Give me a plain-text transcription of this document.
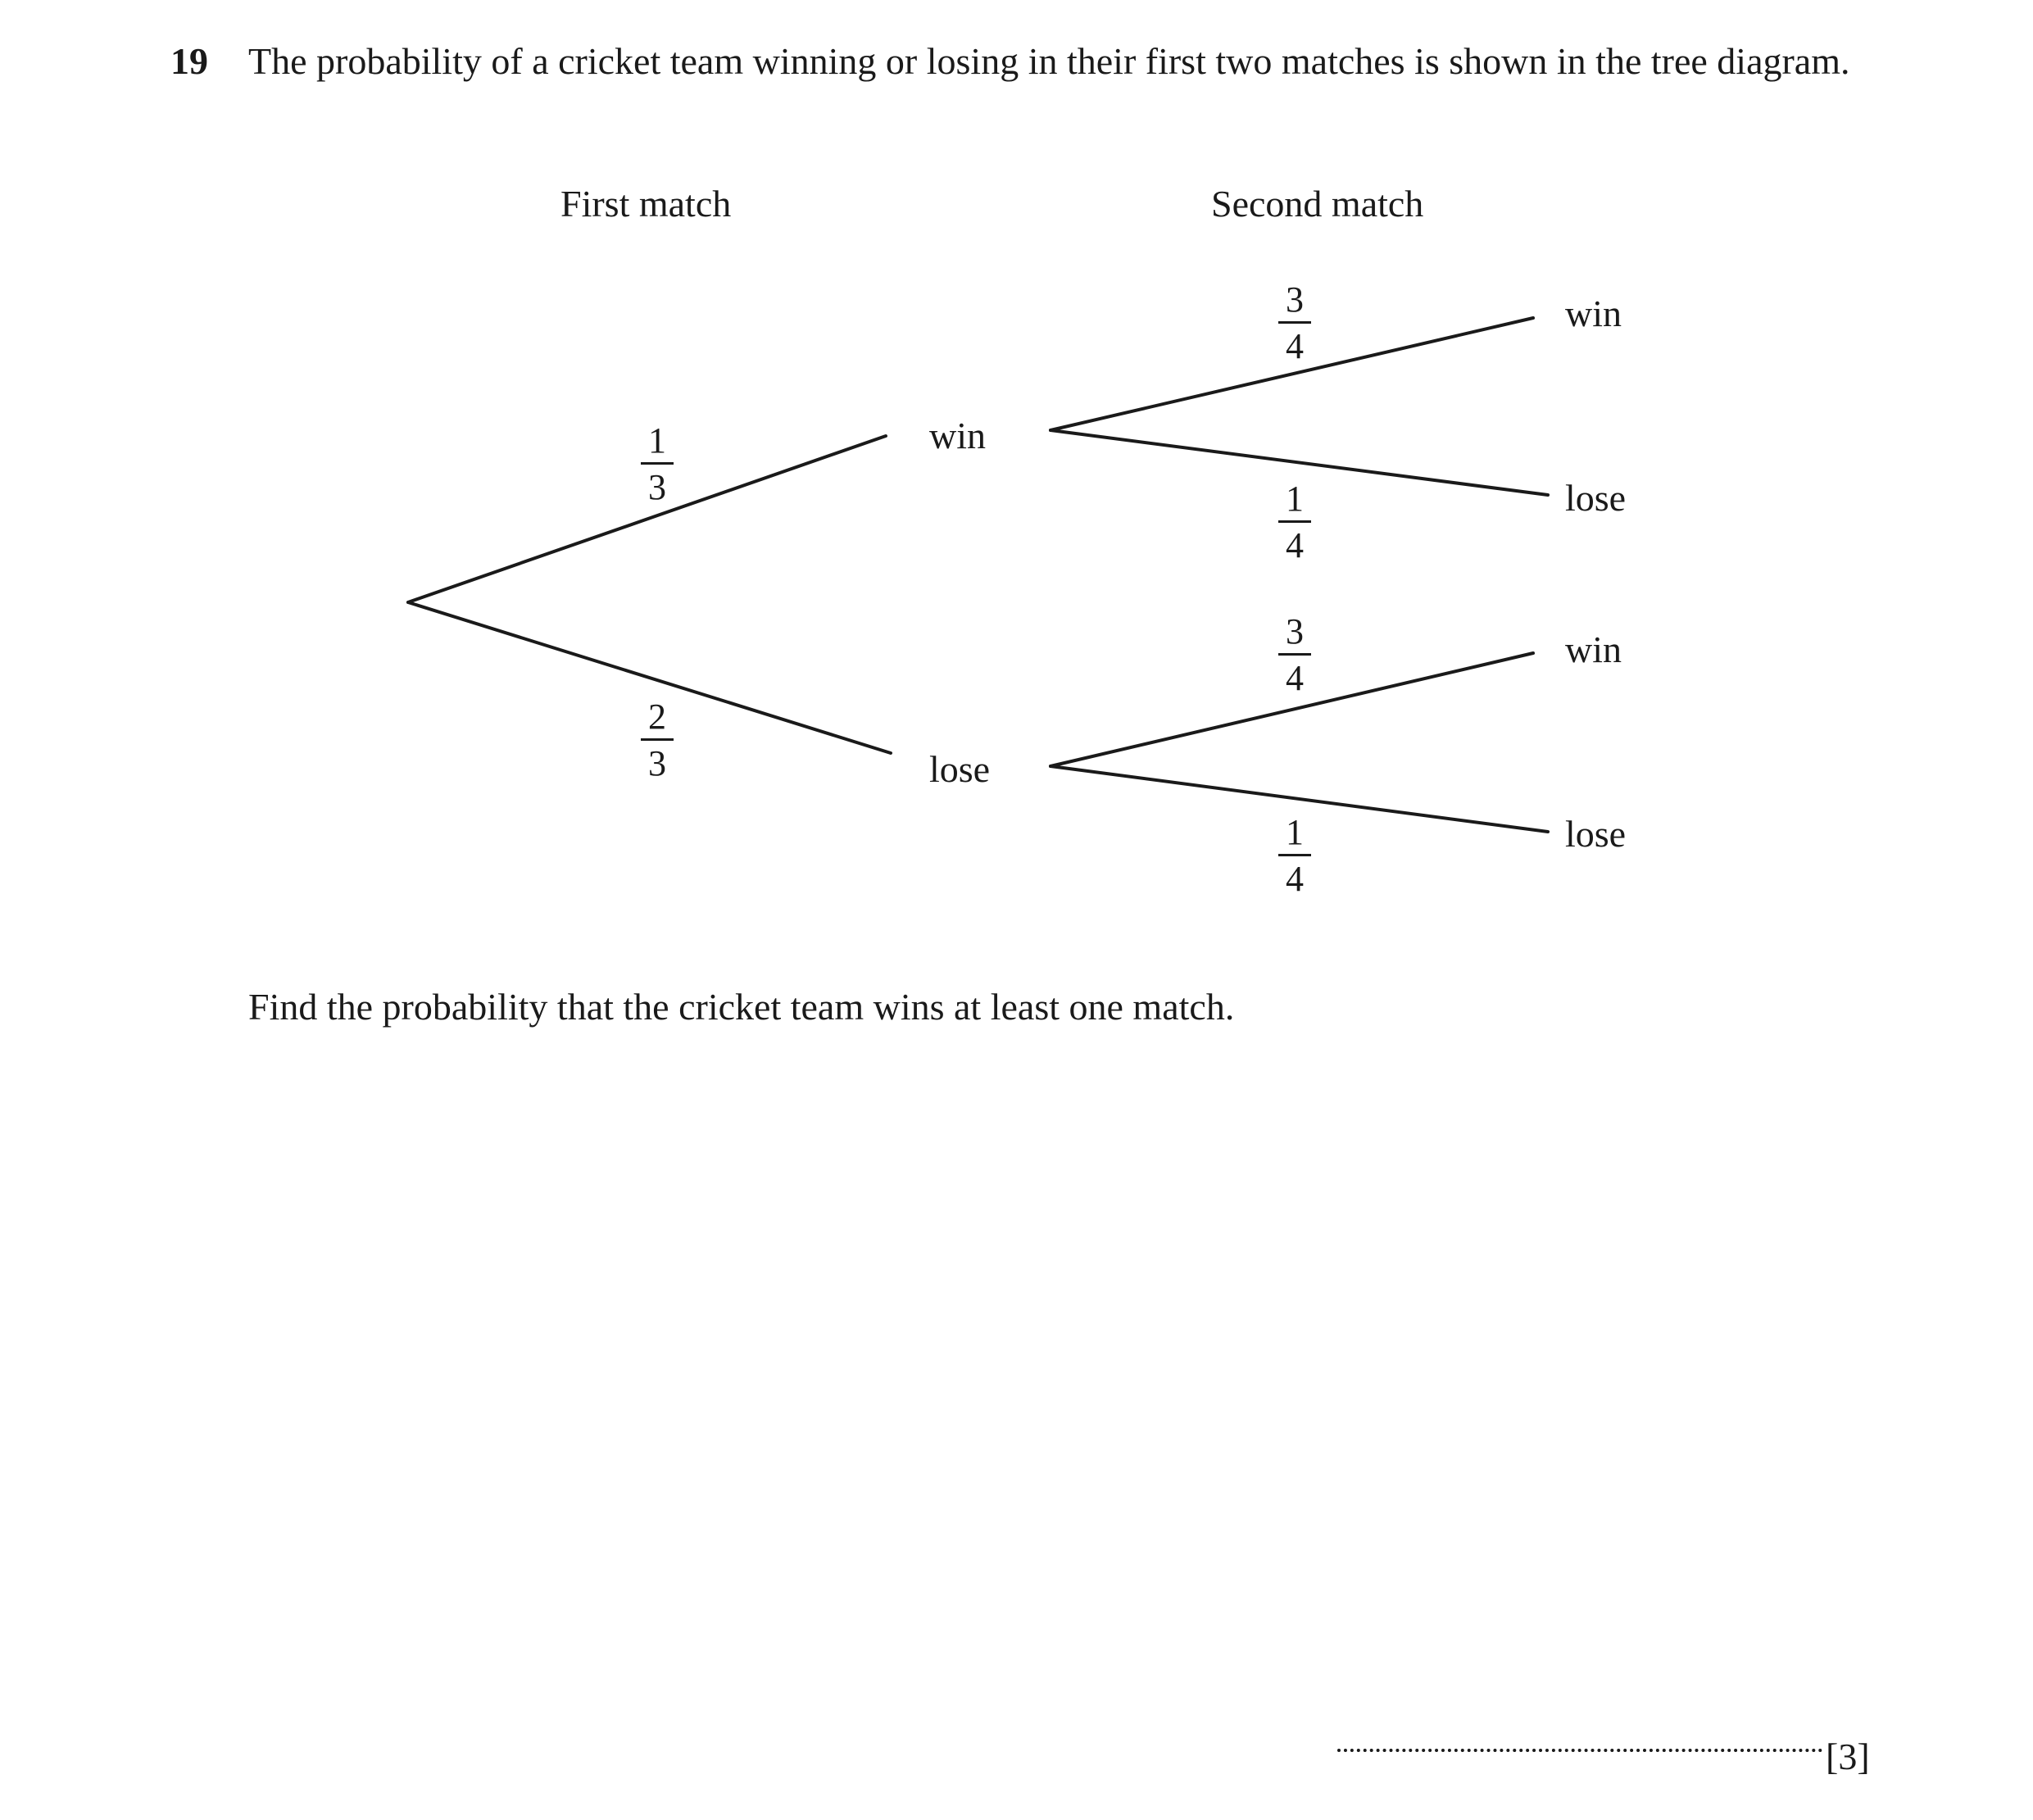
19 The probability of a cricket team winning or losing in their first two matches is shown in the tree diagram.
First match	Second match
1
3
2
3
win
lose
3
4
1
4
3
4
1
4
win
lose
win
lose
Find the probability that the cricket team wins at least one match.
[3]
